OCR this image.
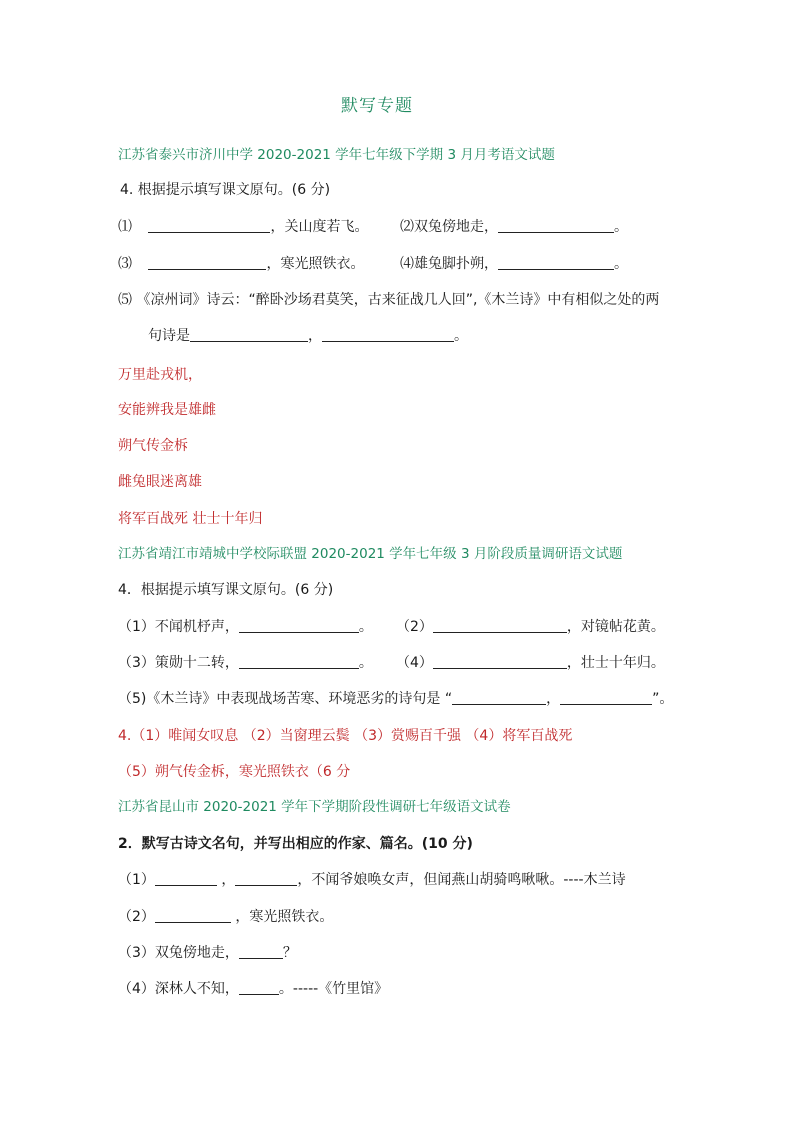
默写专题
江苏省泰兴市济川中学 2020-2021 学年七年级下学期 3 月月考语文试题
4. 根据提示填写课文原句。(6 分)
⑴	，关山度若飞。 ⑵双兔傍地走，	。
⑶	，寒光照铁衣。	⑷雄兔脚扑朔，	。
⑸ 《凉州词》诗云：“醉卧沙场君莫笑，古来征战几人回”,《木兰诗》中有相似之处的两
句诗是	，	。
万里赴戎机，
安能辨我是雄雌
朔气传金柝
雌兔眼迷离雄
将军百战死 壮士十年归
江苏省靖江市靖城中学校际联盟 2020-2021 学年七年级 3 月阶段质量调研语文试题
4．根据提示填写课文原句。(6 分)
（1）不闻机杼声，	。 （2）	，对镜帖花黄。
（3）策勋十二转，	。 （4）	，壮士十年归。
（5)《木兰诗》中表现战场苦寒、环境恶劣的诗句是 “	，	”。
4.（1）唯闻女叹息 （2）当窗理云鬓 （3）赏赐百千强 （4）将军百战死
（5）朔气传金柝，寒光照铁衣（6 分
江苏省昆山市 2020-2021 学年下学期阶段性调研七年级语文试卷
2．默写古诗文名句，并写出相应的作家、篇名。(10 分)
（1）	，	，不闻爷娘唤女声，但闻燕山胡骑鸣啾啾。----木兰诗
（2）	，寒光照铁衣。
（3）双兔傍地走，	？
（4）深林人不知，	。-----《竹里馆》
